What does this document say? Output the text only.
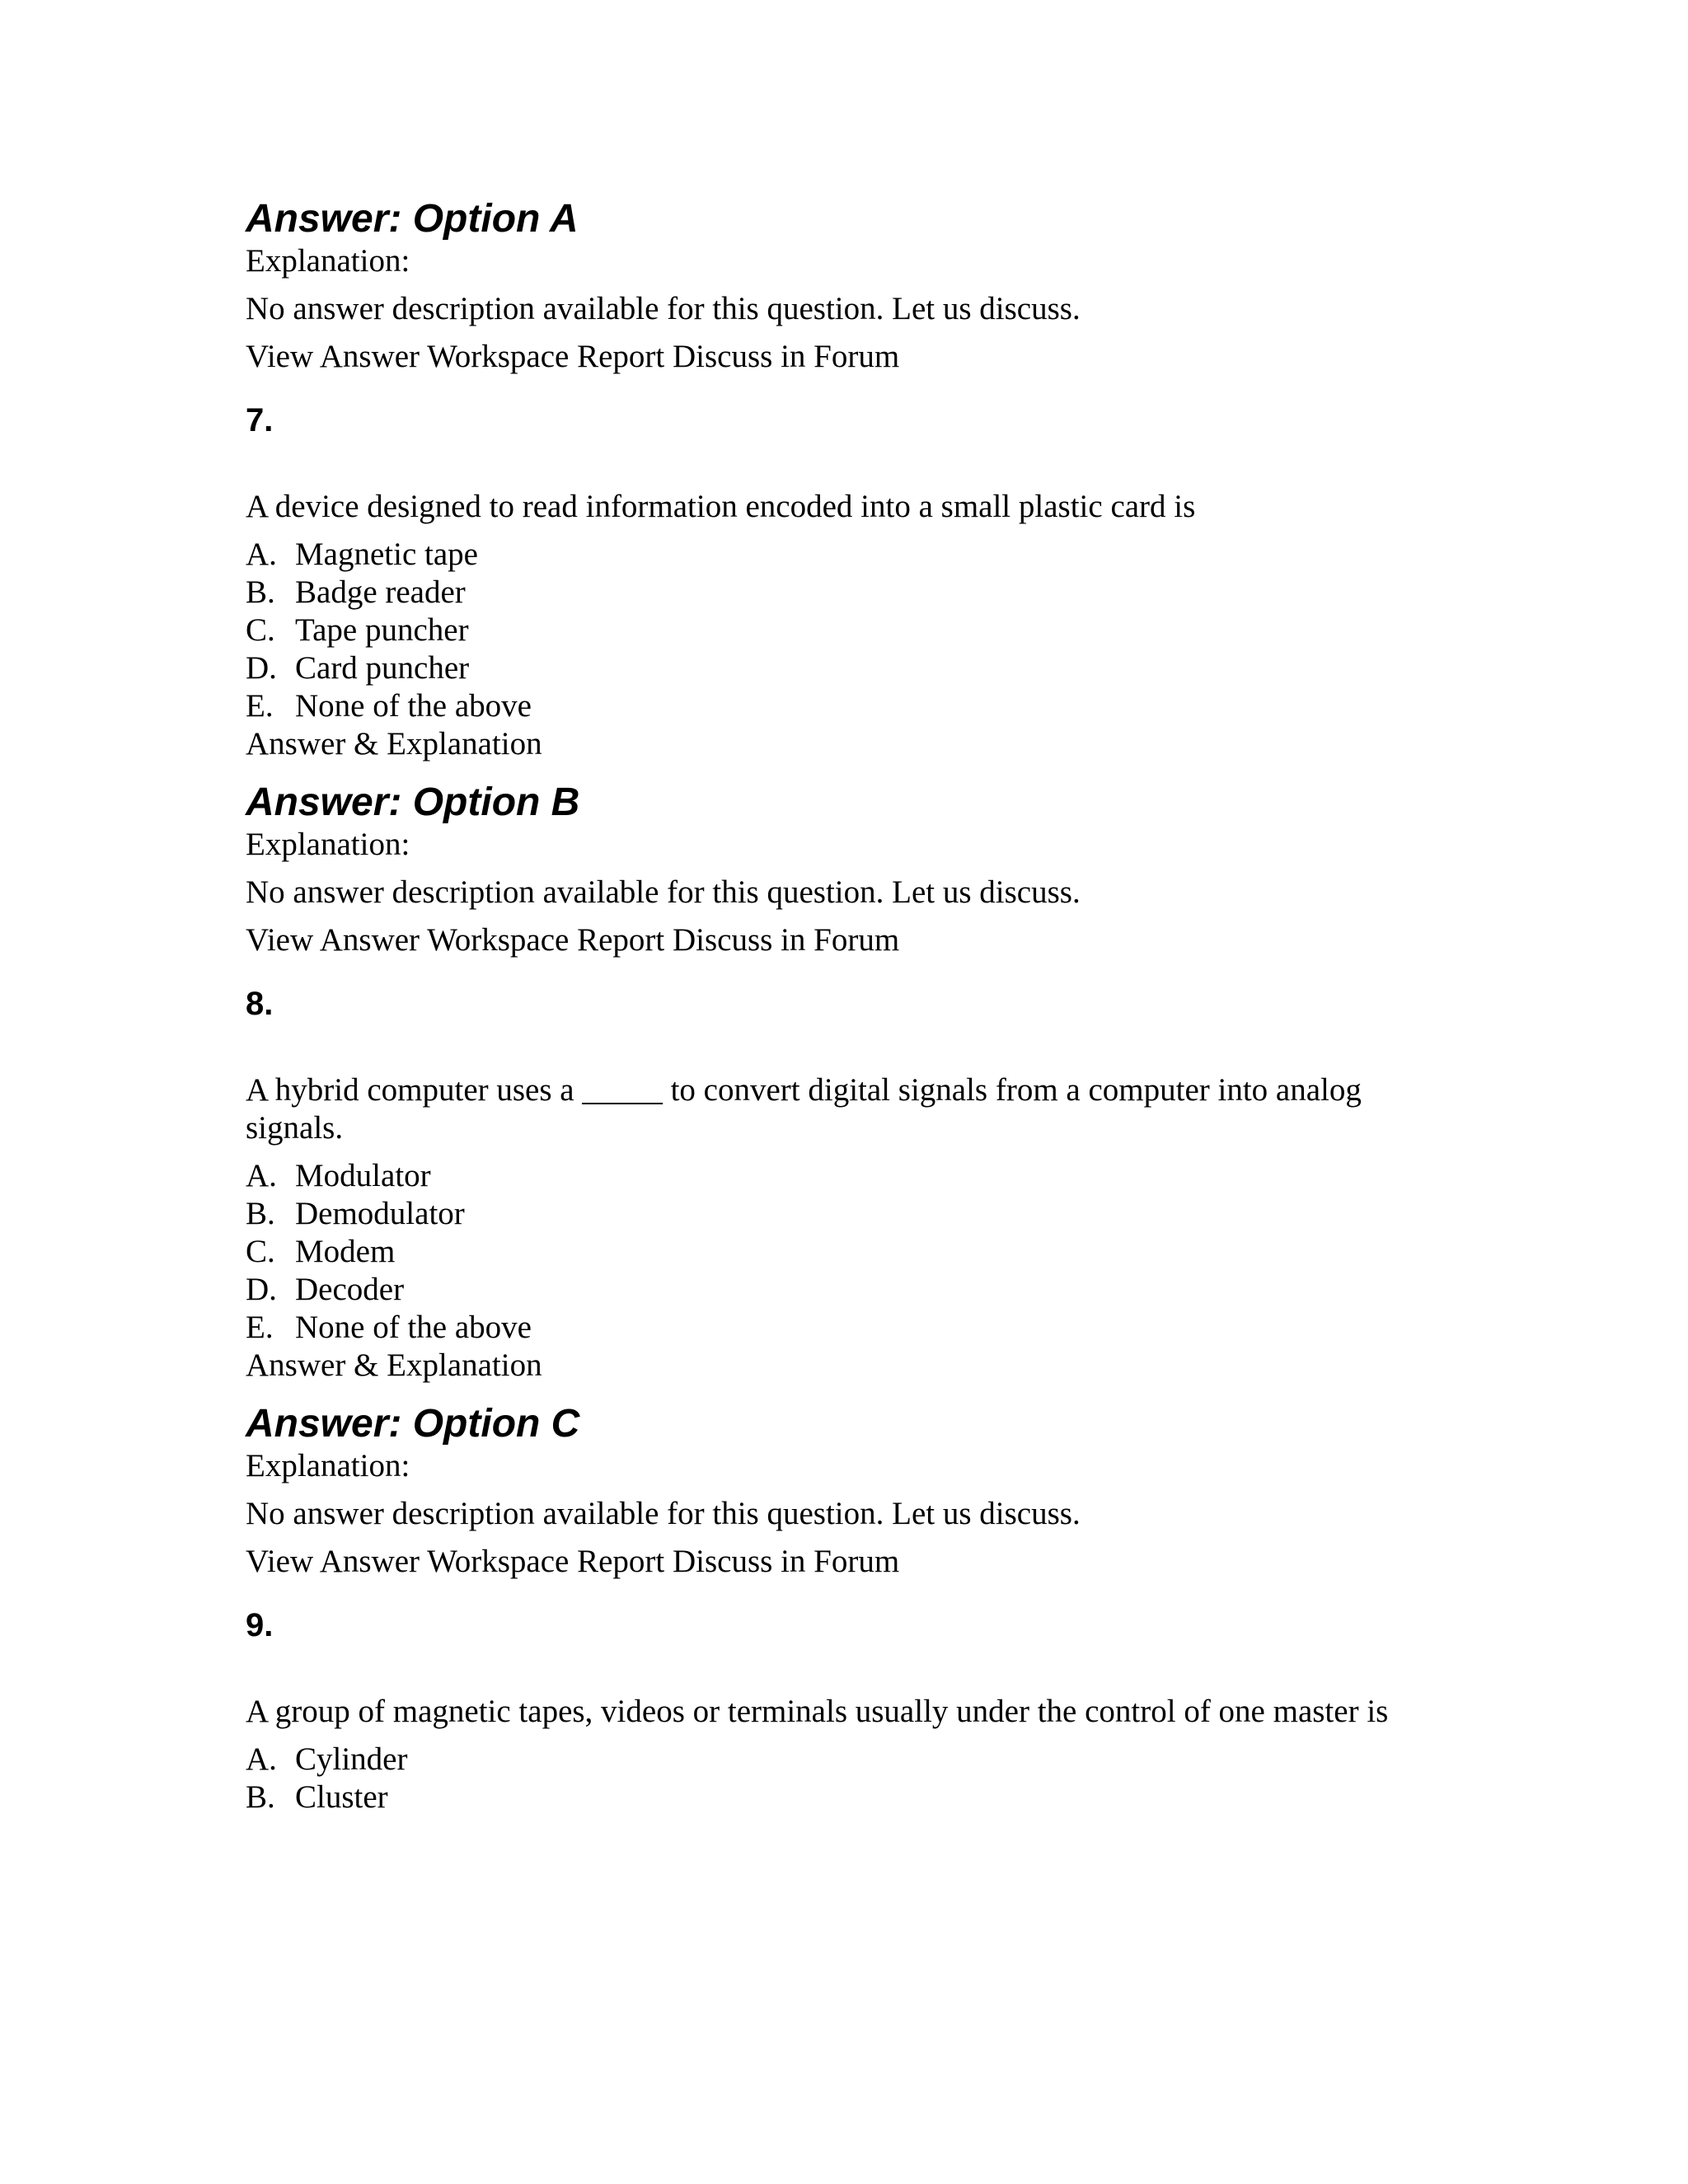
Answer: Option A

Explanation:

No answer description available for this question. Let us discuss.

View Answer Workspace Report Discuss in Forum

7.

A device designed to read information encoded into a small plastic card is

A. Magnetic tape
B. Badge reader
C. Tape puncher
D. Card puncher
E. None of the above

Answer & Explanation

Answer: Option B

Explanation:

No answer description available for this question. Let us discuss.

View Answer Workspace Report Discuss in Forum

8.

A hybrid computer uses a _____ to convert digital signals from a computer into analog signals.

A. Modulator
B. Demodulator
C. Modem
D. Decoder
E. None of the above

Answer & Explanation

Answer: Option C

Explanation:

No answer description available for this question. Let us discuss.

View Answer Workspace Report Discuss in Forum

9.

A group of magnetic tapes, videos or terminals usually under the control of one master is

A. Cylinder
B. Cluster
